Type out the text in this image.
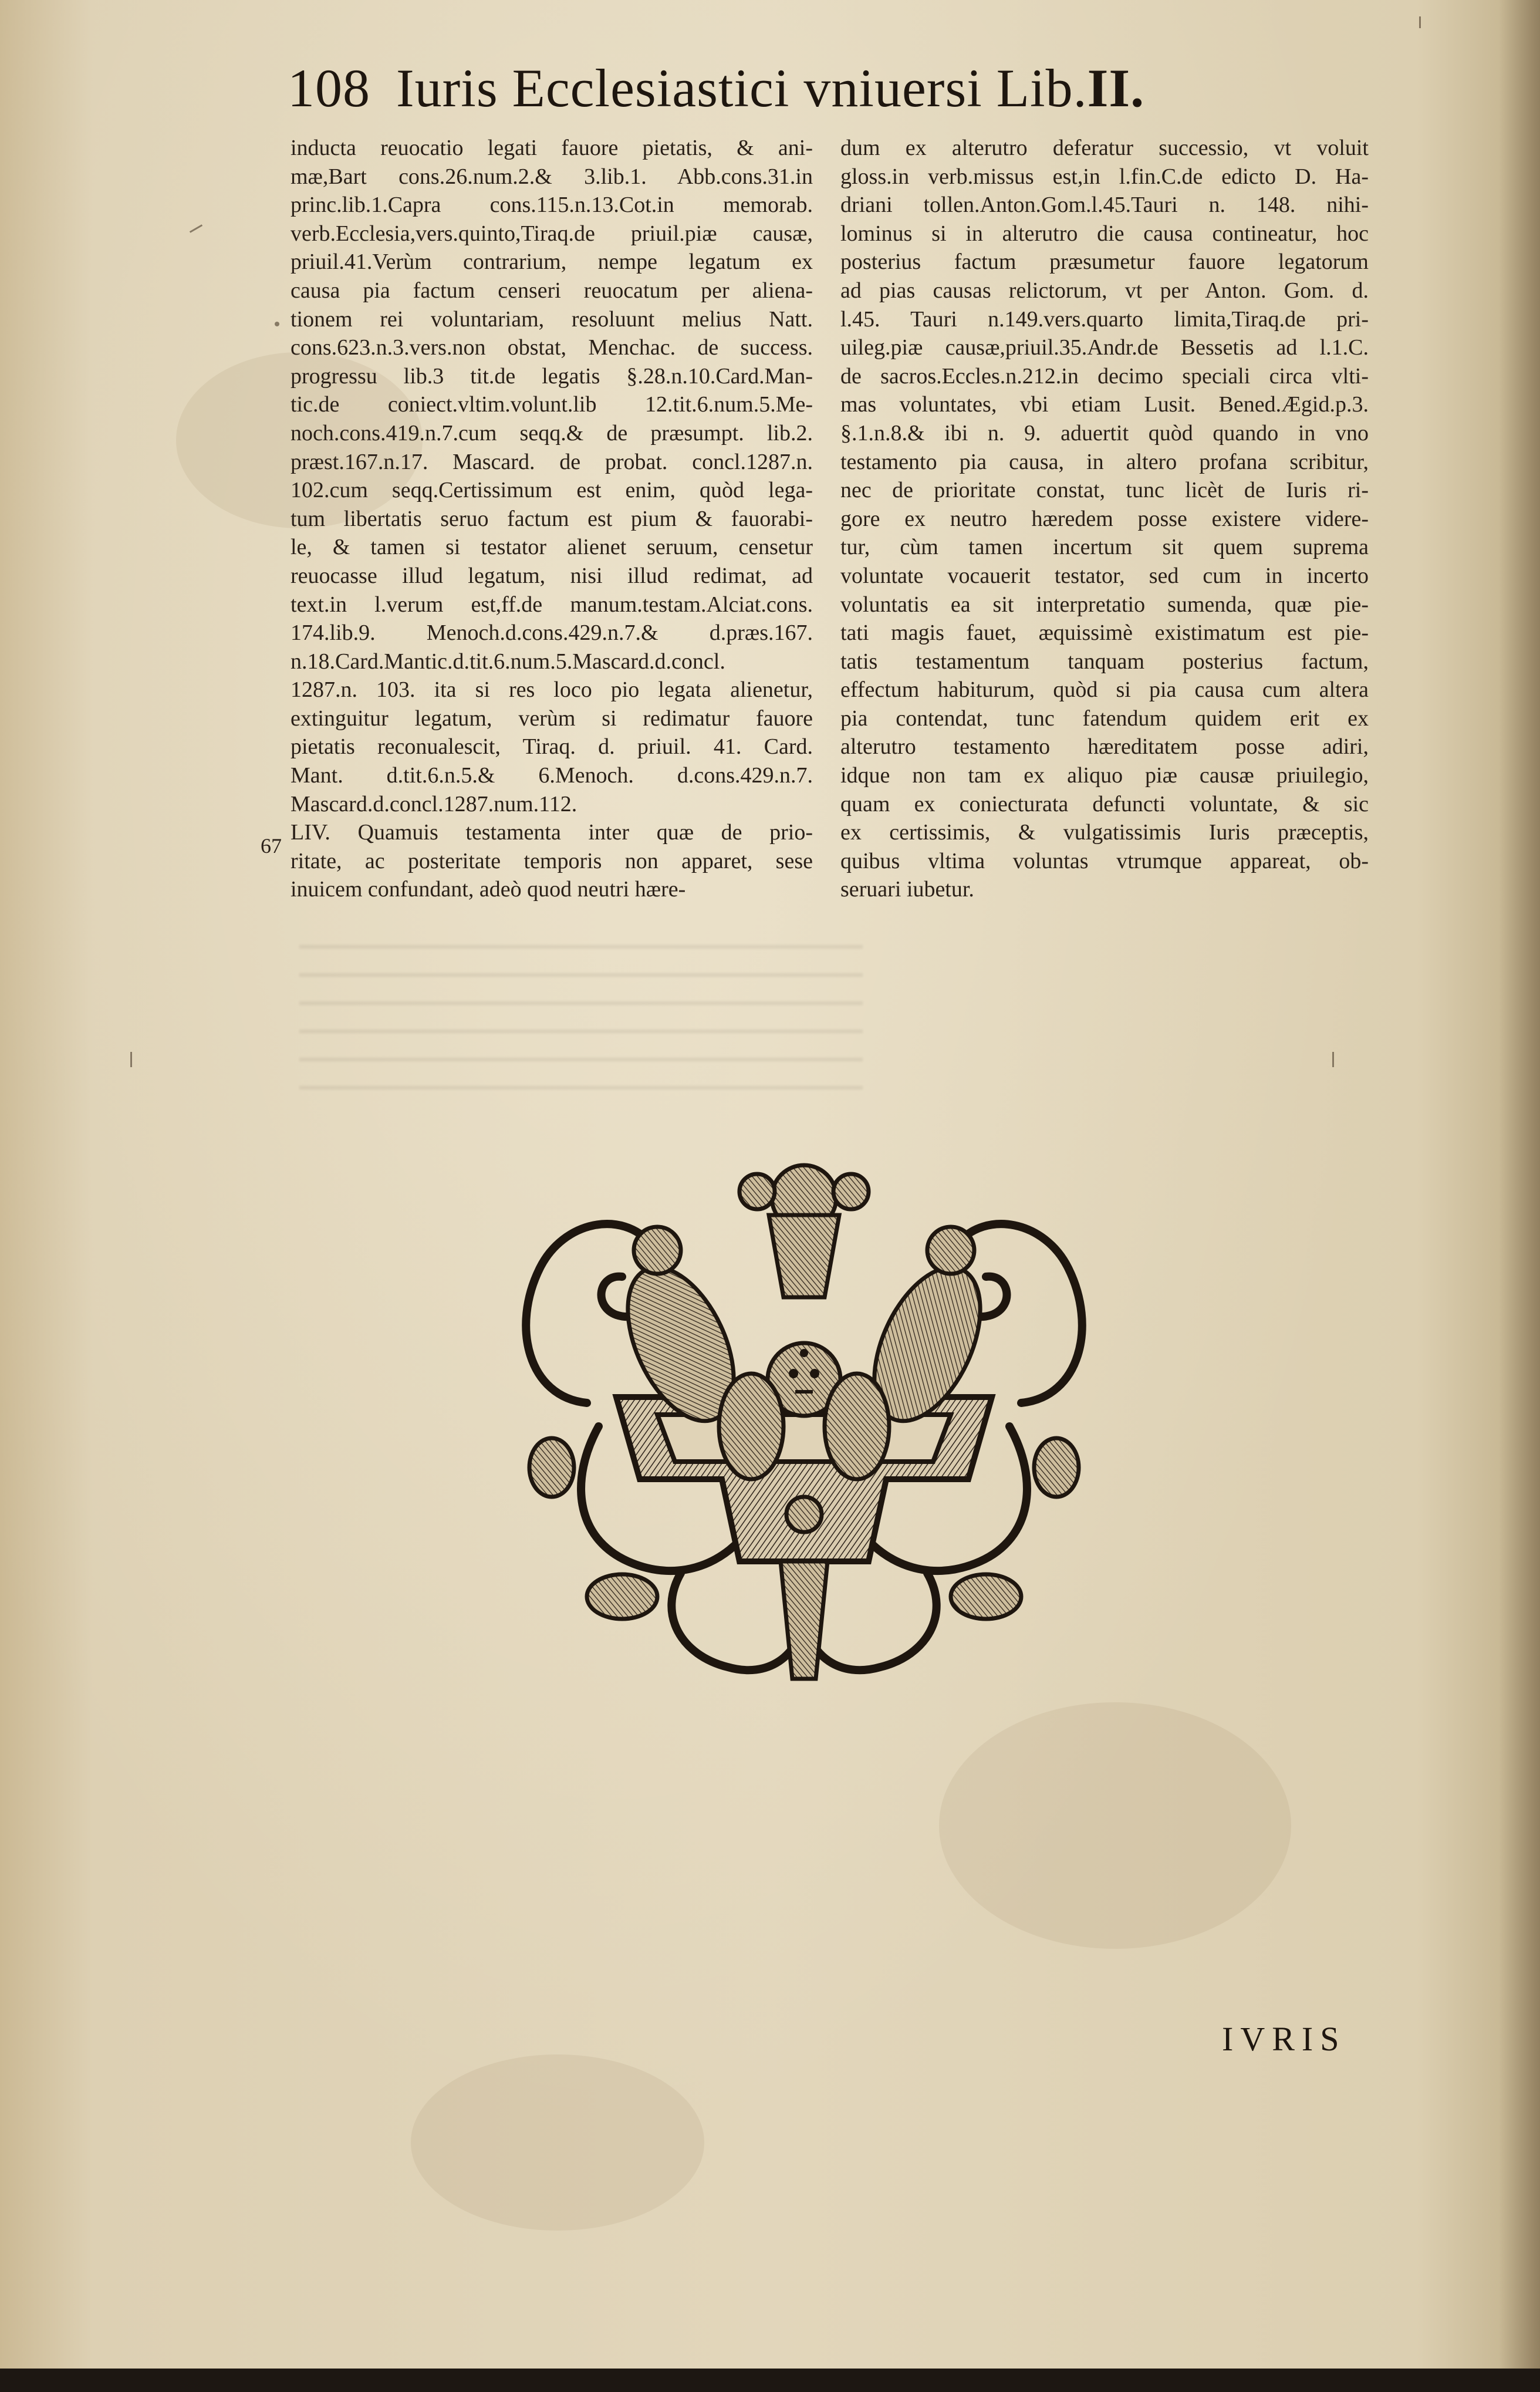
108 Iuris Ecclesiastici vniuersi Lib.II.
inducta reuocatio legati fauore pietatis, & ani-
mæ,Bart cons.26.num.2.& 3.lib.1. Abb.cons.31.in
princ.lib.1.Capra cons.115.n.13.Cot.in memorab.
verb.Ecclesia,vers.quinto,Tiraq.de priuil.piæ causæ,
priuil.41.Verùm contrarium, nempe legatum ex
causa pia factum censeri reuocatum per aliena-
tionem rei voluntariam, resoluunt melius Natt.
cons.623.n.3.vers.non obstat, Menchac. de success.
progressu lib.3 tit.de legatis §.28.n.10.Card.Man-
tic.de coniect.vltim.volunt.lib 12.tit.6.num.5.Me-
noch.cons.419.n.7.cum seqq.& de præsumpt. lib.2.
præst.167.n.17. Mascard. de probat. concl.1287.n.
102.cum seqq.Certissimum est enim, quòd lega-
tum libertatis seruo factum est pium & fauorabi-
le, & tamen si testator alienet seruum, censetur
reuocasse illud legatum, nisi illud redimat, ad
text.in l.verum est,ff.de manum.testam.Alciat.cons.
174.lib.9. Menoch.d.cons.429.n.7.& d.præs.167.
n.18.Card.Mantic.d.tit.6.num.5.Mascard.d.concl.
1287.n. 103. ita si res loco pio legata alienetur,
extinguitur legatum, verùm si redimatur fauore
pietatis reconualescit, Tiraq. d. priuil. 41. Card.
Mant. d.tit.6.n.5.& 6.Menoch. d.cons.429.n.7.
Mascard.d.concl.1287.num.112.
LIV. Quamuis testamenta inter quæ de prio-
ritate, ac posteritate temporis non apparet, sese
inuicem confundant, adeò quod neutri hære-
dum ex alterutro deferatur successio, vt voluit
gloss.in verb.missus est,in l.fin.C.de edicto D. Ha-
driani tollen.Anton.Gom.l.45.Tauri n. 148. nihi-
lominus si in alterutro die causa contineatur, hoc
posterius factum præsumetur fauore legatorum
ad pias causas relictorum, vt per Anton. Gom. d.
l.45. Tauri n.149.vers.quarto limita,Tiraq.de pri-
uileg.piæ causæ,priuil.35.Andr.de Bessetis ad l.1.C.
de sacros.Eccles.n.212.in decimo speciali circa vlti-
mas voluntates, vbi etiam Lusit. Bened.Ægid.p.3.
§.1.n.8.& ibi n. 9. aduertit quòd quando in vno
testamento pia causa, in altero profana scribitur,
nec de prioritate constat, tunc licèt de Iuris ri-
gore ex neutro hæredem posse existere videre-
tur, cùm tamen incertum sit quem suprema
voluntate vocauerit testator, sed cum in incerto
voluntatis ea sit interpretatio sumenda, quæ pie-
tati magis fauet, æquissimè existimatum est pie-
tatis testamentum tanquam posterius factum,
effectum habiturum, quòd si pia causa cum altera
pia contendat, tunc fatendum quidem erit ex
alterutro testamento hæreditatem posse adiri,
idque non tam ex aliquo piæ causæ priuilegio,
quam ex coniecturata defuncti voluntate, & sic
ex certissimis, & vulgatissimis Iuris præceptis,
quibus vltima voluntas vtrumque appareat, ob-
seruari iubetur.
67
IVRIS
